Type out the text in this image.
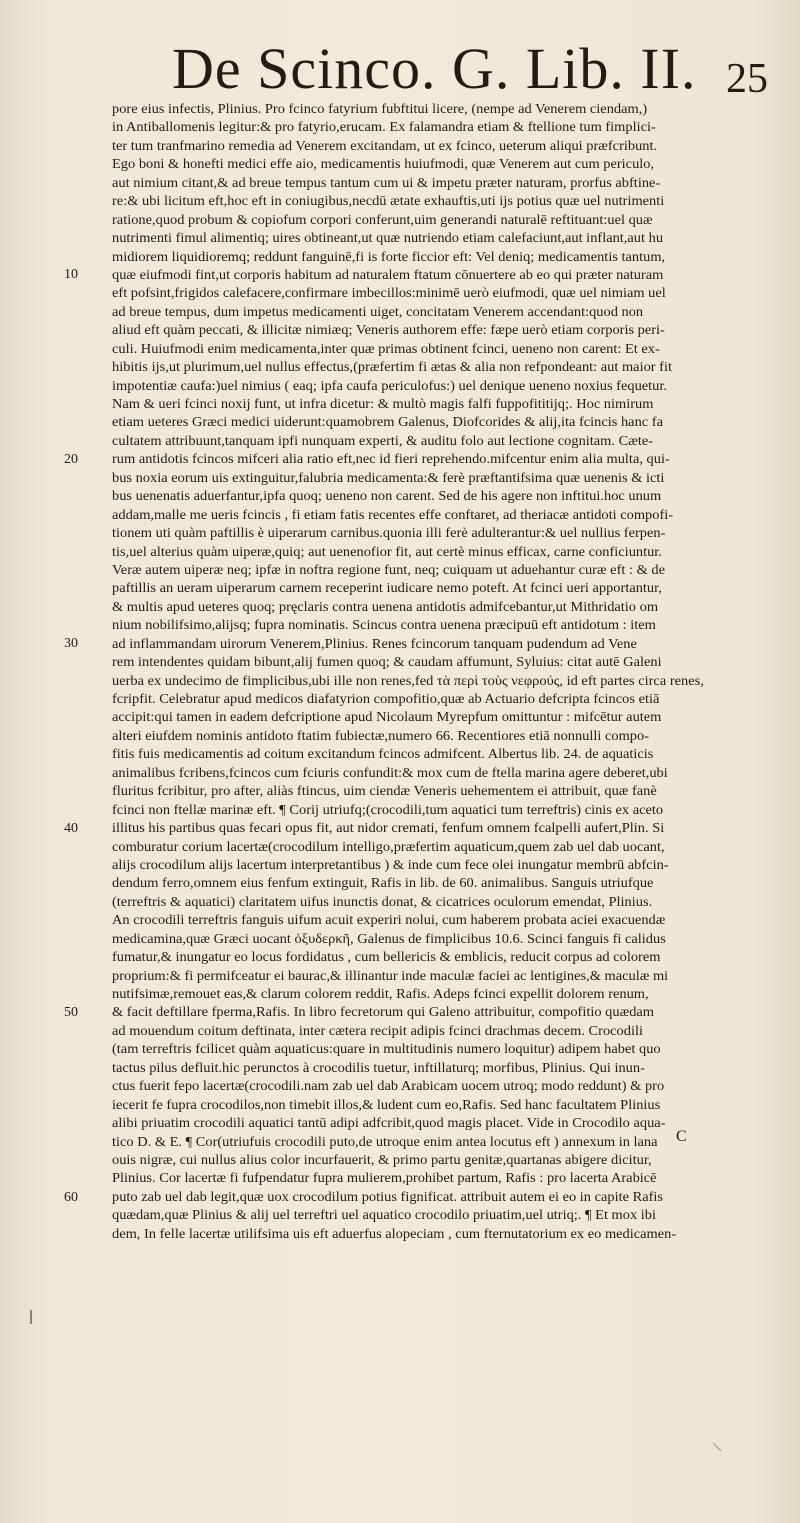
De Scinco. G. Lib. II. 25
10
20
30
40
50
60
pore eius infectis, Plinius. Pro fcinco fatyrium fubftitui licere, (nempe ad Venerem ciendam,)
in Antiballomenis legitur:& pro fatyrio,erucam. Ex falamandra etiam & ftellione tum fimplici-
ter tum tranfmarino remedia ad Venerem excitandam, ut ex fcinco, ueterum aliqui præfcribunt.
Ego boni & honefti medici effe aio, medicamentis huiufmodi, quæ Venerem aut cum periculo,
aut nimium citant,& ad breue tempus tantum cum ui & impetu præter naturam, prorfus abftine-
re:& ubi licitum eft,hoc eft in coniugibus,necdū ætate exhauftis,uti ijs potius quæ uel nutrimenti
ratione,quod probum & copiofum corpori conferunt,uim generandi naturalē reftituant:uel quæ
nutrimenti fimul alimentiq; uires obtineant,ut quæ nutriendo etiam calefaciunt,aut inflant,aut hu
midiorem liquidioremq; reddunt fanguinē,fi is forte ficcior eft: Vel deniq; medicamentis tantum,
quæ eiufmodi fint,ut corporis habitum ad naturalem ftatum cōnuertere ab eo qui præter naturam
eft pofsint,frigidos calefacere,confirmare imbecillos:minimē uerò eiufmodi, quæ uel nimiam uel
ad breue tempus, dum impetus medicamenti uiget, concitatam Venerem accendant:quod non
aliud eft quàm peccati, & illicitæ nimiæq; Veneris authorem effe: fæpe uerò etiam corporis peri-
culi. Huiufmodi enim medicamenta,inter quæ primas obtinent fcinci, ueneno non carent: Et ex-
hibitis ijs,ut plurimum,uel nullus effectus,(præfertim fi ætas & alia non refpondeant: aut maior fit
impotentiæ caufa:)uel nimius ( eaq; ipfa caufa periculofus:) uel denique ueneno noxius fequetur.
Nam & ueri fcinci noxij funt, ut infra dicetur: & multò magis falfi fuppofititijq;. Hoc nimirum
etiam ueteres Græci medici uiderunt:quamobrem Galenus, Diofcorides & alij,ita fcincis hanc fa
cultatem attribuunt,tanquam ipfi nunquam experti, & auditu folo aut lectione cognitam. Cæte-
rum antidotis fcincos mifceri alia ratio eft,nec id fieri reprehendo.mifcentur enim alia multa, qui-
bus noxia eorum uis extinguitur,falubria medicamenta:& ferè præftantifsima quæ uenenis & icti
bus uenenatis aduerfantur,ipfa quoq; ueneno non carent. Sed de his agere non inftitui.hoc unum
addam,malle me ueris fcincis , fi etiam fatis recentes effe conftaret, ad theriacæ antidoti compofi-
tionem uti quàm paftillis è uiperarum carnibus.quonia illi ferè adulterantur:& uel nullius ferpen-
tis,uel alterius quàm uiperæ,quiq; aut uenenofior fit, aut certè minus efficax, carne conficiuntur.
Veræ autem uiperæ neq; ipfæ in noftra regione funt, neq; cuiquam ut aduehantur curæ eft : & de
paftillis an ueram uiperarum carnem receperint iudicare nemo poteft. At fcinci ueri apportantur,
& multis apud ueteres quoq; pręclaris contra uenena antidotis admifcebantur,ut Mithridatio om
nium nobilifsimo,alijsq; fupra nominatis. Scincus contra uenena præcipuū eft antidotum : item
ad inflammandam uirorum Venerem,Plinius. Renes fcincorum tanquam pudendum ad Vene
rem intendentes quidam bibunt,alij fumen quoq; & caudam affumunt, Syluius: citat autē Galeni
uerba ex undecimo de fimplicibus,ubi ille non renes,fed τὰ περὶ τοὺς νεφρούς, id eft partes circa renes,
fcripfit. Celebratur apud medicos diafatyrion compofitio,quæ ab Actuario defcripta fcincos etiā
accipit:qui tamen in eadem defcriptione apud Nicolaum Myrepfum omittuntur : mifcētur autem
alteri eiufdem nominis antidoto ftatim fubiectæ,numero 66. Recentiores etiā nonnulli compo-
fitis fuis medicamentis ad coitum excitandum fcincos admifcent. Albertus lib. 24. de aquaticis
animalibus fcribens,fcincos cum fciuris confundit:& mox cum de ftella marina agere deberet,ubi
fluritus fcribitur, pro after, aliàs ftincus, uim ciendæ Veneris uehementem ei attribuit, quæ fanè
fcinci non ftellæ marinæ eft. ¶ Corij utriufq;(crocodili,tum aquatici tum terreftris) cinis ex aceto
illitus his partibus quas fecari opus fit, aut nidor cremati, fenfum omnem fcalpelli aufert,Plin. Si
comburatur corium lacertæ(crocodilum intelligo,præfertim aquaticum,quem zab uel dab uocant,
alijs crocodilum alijs lacertum interpretantibus ) & inde cum fece olei inungatur membrū abfcin-
dendum ferro,omnem eius fenfum extinguit, Rafis in lib. de 60. animalibus. Sanguis utriufque
(terreftris & aquatici) claritatem uifus inunctis donat, & cicatrices oculorum emendat, Plinius.
An crocodili terreftris fanguis uifum acuit experiri nolui, cum haberem probata aciei exacuendæ
medicamina,quæ Græci uocant ὀξυδερκῆ, Galenus de fimplicibus 10.6. Scinci fanguis fi calidus
fumatur,& inungatur eo locus fordidatus , cum bellericis & emblicis, reducit corpus ad colorem
proprium:& fi permifceatur ei baurac,& illinantur inde maculæ faciei ac lentigines,& maculæ mi
nutifsimæ,remouet eas,& clarum colorem reddit, Rafis. Adeps fcinci expellit dolorem renum,
& facit deftillare fperma,Rafis. In libro fecretorum qui Galeno attribuitur, compofitio quædam
ad mouendum coitum deftinata, inter cætera recipit adipis fcinci drachmas decem. Crocodili
(tam terreftris fcilicet quàm aquaticus:quare in multitudinis numero loquitur) adipem habet quo
tactus pilus defluit.hic perunctos à crocodilis tuetur, inftillaturq; morfibus, Plinius. Qui inun-
ctus fuerit fepo lacertæ(crocodili.nam zab uel dab Arabicam uocem utroq; modo reddunt) & pro
iecerit fe fupra crocodilos,non timebit illos,& ludent cum eo,Rafis. Sed hanc facultatem Plinius
alibi priuatim crocodili aquatici tantū adipi adfcribit,quod magis placet. Vide in Crocodilo aqua-
tico D. & E. ¶ Cor(utriufuis crocodili puto,de utroque enim antea locutus eft ) annexum in lana
ouis nigræ, cui nullus alius color incurfauerit, & primo partu genitæ,quartanas abigere dicitur,
Plinius. Cor lacertæ fi fufpendatur fupra mulierem,prohibet partum, Rafis : pro lacerta Arabicē
puto zab uel dab legit,quæ uox crocodilum potius fignificat. attribuit autem ei eo in capite Rafis
quædam,quæ Plinius & alij uel terreftri uel aquatico crocodilo priuatim,uel utriq;. ¶ Et mox ibi
dem, In felle lacertæ utilifsima uis eft aduerfus alopeciam , cum fternutatorium ex eo medicamen-
C
